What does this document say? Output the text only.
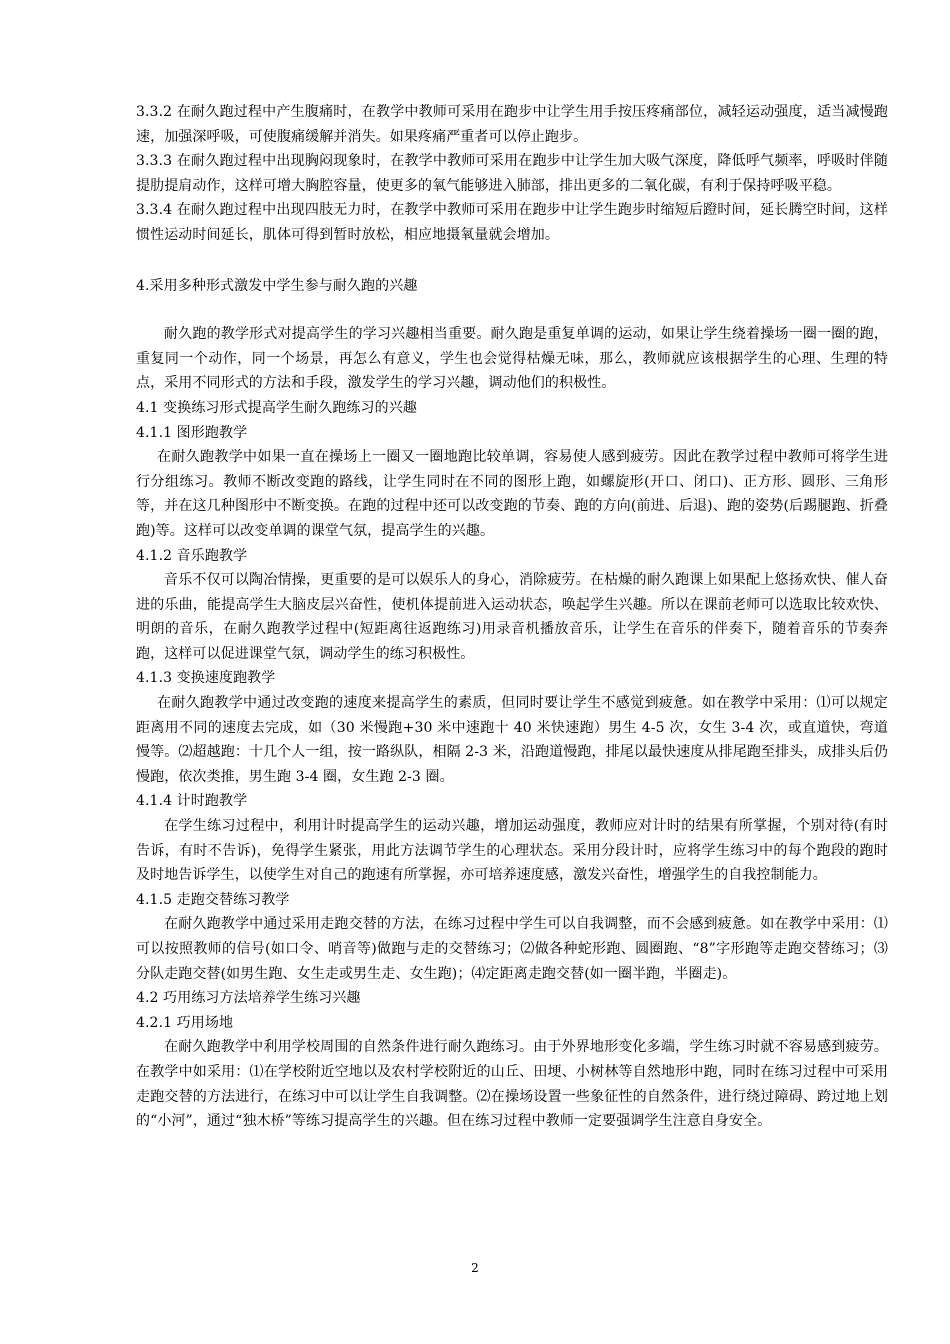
3.3.2 在耐久跑过程中产生腹痛时，在教学中教师可采用在跑步中让学生用手按压疼痛部位，减轻运动强度，适当减慢跑速，加强深呼吸，可使腹痛缓解并消失。如果疼痛严重者可以停止跑步。

3.3.3 在耐久跑过程中出现胸闷现象时，在教学中教师可采用在跑步中让学生加大吸气深度，降低呼气频率，呼吸时伴随提肋提肩动作，这样可增大胸腔容量，使更多的氧气能够进入肺部，排出更多的二氧化碳，有利于保持呼吸平稳。

3.3.4 在耐久跑过程中出现四肢无力时，在教学中教师可采用在跑步中让学生跑步时缩短后蹬时间，延长腾空时间，这样惯性运动时间延长，肌体可得到暂时放松，相应地摄氧量就会增加。

4.采用多种形式激发中学生参与耐久跑的兴趣

耐久跑的教学形式对提高学生的学习兴趣相当重要。耐久跑是重复单调的运动，如果让学生绕着操场一圈一圈的跑，重复同一个动作，同一个场景，再怎么有意义，学生也会觉得枯燥无味，那么，教师就应该根据学生的心理、生理的特点，采用不同形式的方法和手段，激发学生的学习兴趣，调动他们的积极性。

4.1 变换练习形式提高学生耐久跑练习的兴趣

4.1.1 图形跑教学

在耐久跑教学中如果一直在操场上一圈又一圈地跑比较单调，容易使人感到疲劳。因此在教学过程中教师可将学生进行分组练习。教师不断改变跑的路线，让学生同时在不同的图形上跑，如螺旋形(开口、闭口)、正方形、圆形、三角形等，并在这几种图形中不断变换。在跑的过程中还可以改变跑的节奏、跑的方向(前进、后退)、跑的姿势(后踢腿跑、折叠跑)等。这样可以改变单调的课堂气氛，提高学生的兴趣。

4.1.2 音乐跑教学

音乐不仅可以陶冶情操，更重要的是可以娱乐人的身心，消除疲劳。在枯燥的耐久跑课上如果配上悠扬欢快、催人奋进的乐曲，能提高学生大脑皮层兴奋性，使机体提前进入运动状态，唤起学生兴趣。所以在课前老师可以选取比较欢快、明朗的音乐，在耐久跑教学过程中(短距离往返跑练习)用录音机播放音乐，让学生在音乐的伴奏下，随着音乐的节奏奔跑，这样可以促进课堂气氛，调动学生的练习积极性。

4.1.3 变换速度跑教学

在耐久跑教学中通过改变跑的速度来提高学生的素质，但同时要让学生不感觉到疲惫。如在教学中采用：⑴可以规定距离用不同的速度去完成，如（30 米慢跑+30 米中速跑十 40 米快速跑）男生 4-5 次，女生 3-4 次，或直道快，弯道慢等。⑵超越跑：十几个人一组，按一路纵队，相隔 2-3 米，沿跑道慢跑，排尾以最快速度从排尾跑至排头，成排头后仍慢跑，依次类推，男生跑 3-4 圈，女生跑 2-3 圈。

4.1.4 计时跑教学

在学生练习过程中，利用计时提高学生的运动兴趣，增加运动强度，教师应对计时的结果有所掌握，个别对待(有时告诉，有时不告诉)，免得学生紧张，用此方法调节学生的心理状态。采用分段计时，应将学生练习中的每个跑段的跑时及时地告诉学生，以使学生对自己的跑速有所掌握，亦可培养速度感，激发兴奋性，增强学生的自我控制能力。

4.1.5 走跑交替练习教学

在耐久跑教学中通过采用走跑交替的方法，在练习过程中学生可以自我调整，而不会感到疲惫。如在教学中采用：⑴可以按照教师的信号(如口令、哨音等)做跑与走的交替练习；⑵做各种蛇形跑、圆圈跑、“8”字形跑等走跑交替练习；⑶分队走跑交替(如男生跑、女生走或男生走、女生跑)；⑷定距离走跑交替(如一圈半跑，半圈走)。

4.2 巧用练习方法培养学生练习兴趣

4.2.1 巧用场地

在耐久跑教学中利用学校周围的自然条件进行耐久跑练习。由于外界地形变化多端，学生练习时就不容易感到疲劳。在教学中如采用：⑴在学校附近空地以及农村学校附近的山丘、田埂、小树林等自然地形中跑，同时在练习过程中可采用走跑交替的方法进行，在练习中可以让学生自我调整。⑵在操场设置一些象征性的自然条件，进行绕过障碍、跨过地上划的“小河”，通过“独木桥”等练习提高学生的兴趣。但在练习过程中教师一定要强调学生注意自身安全。

2
